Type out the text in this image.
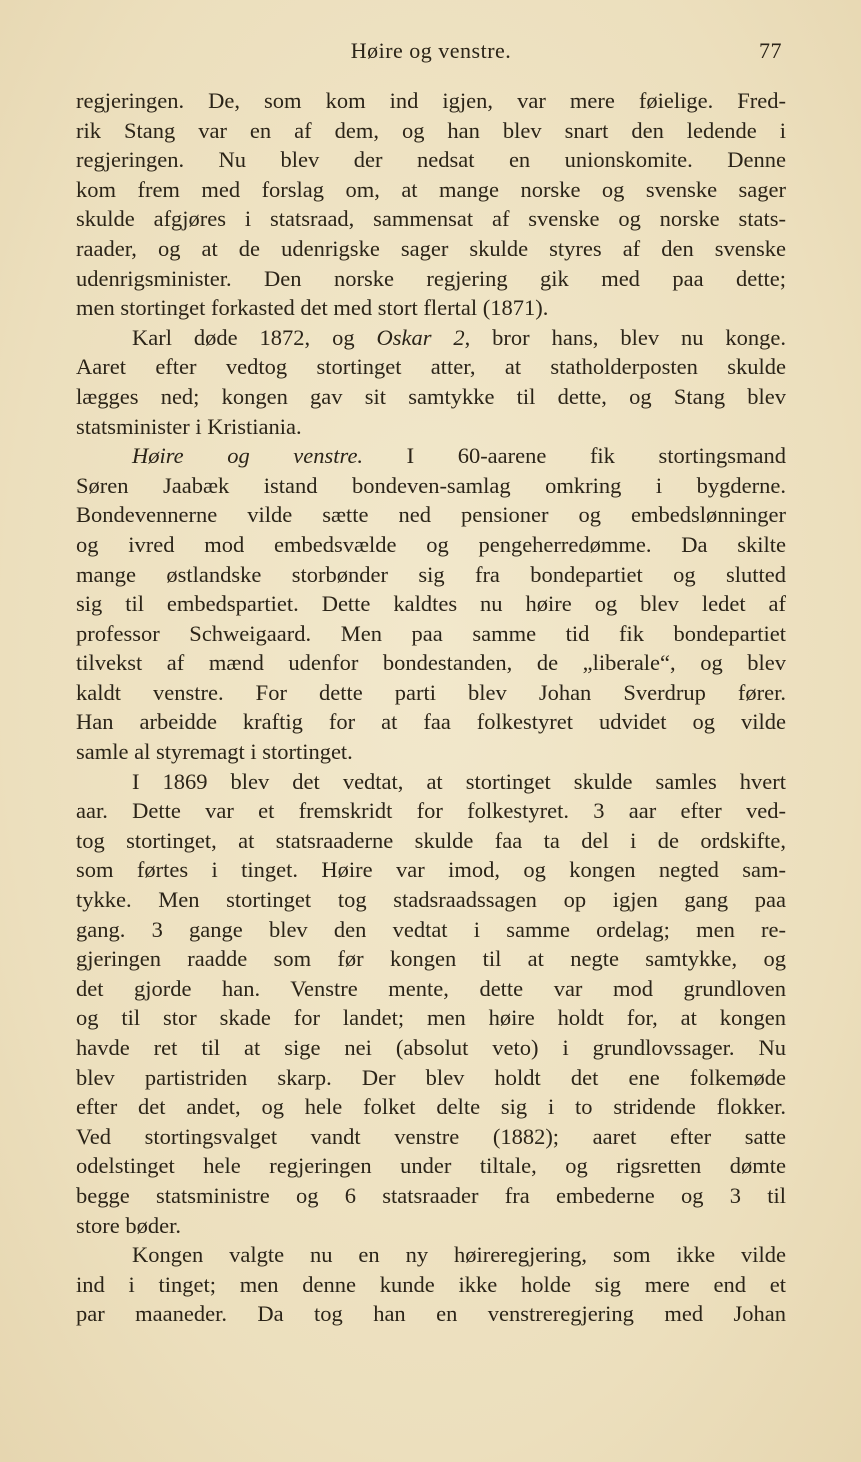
Høire og venstre.	77
regjeringen. De, som kom ind igjen, var mere føielige. Fred-
rik Stang var en af dem, og han blev snart den ledende i
regjeringen. Nu blev der nedsat en unionskomite. Denne
kom frem med forslag om, at mange norske og svenske sager
skulde afgjøres i statsraad, sammensat af svenske og norske stats-
raader, og at de udenrigske sager skulde styres af den svenske
udenrigsminister. Den norske regjering gik med paa dette;
men stortinget forkasted det med stort flertal (1871).
Karl døde 1872, og Oskar 2, bror hans, blev nu konge.
Aaret efter vedtog stortinget atter, at statholderposten skulde
lægges ned; kongen gav sit samtykke til dette, og Stang blev
statsminister i Kristiania.
Høire og venstre. I 60-aarene fik stortingsmand
Søren Jaabæk istand bondeven-samlag omkring i bygderne.
Bondevennerne vilde sætte ned pensioner og embedslønninger
og ivred mod embedsvælde og pengeherredømme. Da skilte
mange østlandske storbønder sig fra bondepartiet og slutted
sig til embedspartiet. Dette kaldtes nu høire og blev ledet af
professor Schweigaard. Men paa samme tid fik bondepartiet
tilvekst af mænd udenfor bondestanden, de „liberale“, og blev
kaldt venstre. For dette parti blev Johan Sverdrup fører.
Han arbeidde kraftig for at faa folkestyret udvidet og vilde
samle al styremagt i stortinget.
I 1869 blev det vedtat, at stortinget skulde samles hvert
aar. Dette var et fremskridt for folkestyret. 3 aar efter ved-
tog stortinget, at statsraaderne skulde faa ta del i de ordskifte,
som førtes i tinget. Høire var imod, og kongen negted sam-
tykke. Men stortinget tog stadsraadssagen op igjen gang paa
gang. 3 gange blev den vedtat i samme ordelag; men re-
gjeringen raadde som før kongen til at negte samtykke, og
det gjorde han. Venstre mente, dette var mod grundloven
og til stor skade for landet; men høire holdt for, at kongen
havde ret til at sige nei (absolut veto) i grundlovssager. Nu
blev partistriden skarp. Der blev holdt det ene folkemøde
efter det andet, og hele folket delte sig i to stridende flokker.
Ved stortingsvalget vandt venstre (1882); aaret efter satte
odelstinget hele regjeringen under tiltale, og rigsretten dømte
begge statsministre og 6 statsraader fra embederne og 3 til
store bøder.
Kongen valgte nu en ny høireregjering, som ikke vilde
ind i tinget; men denne kunde ikke holde sig mere end et
par maaneder. Da tog han en venstreregjering med Johan
